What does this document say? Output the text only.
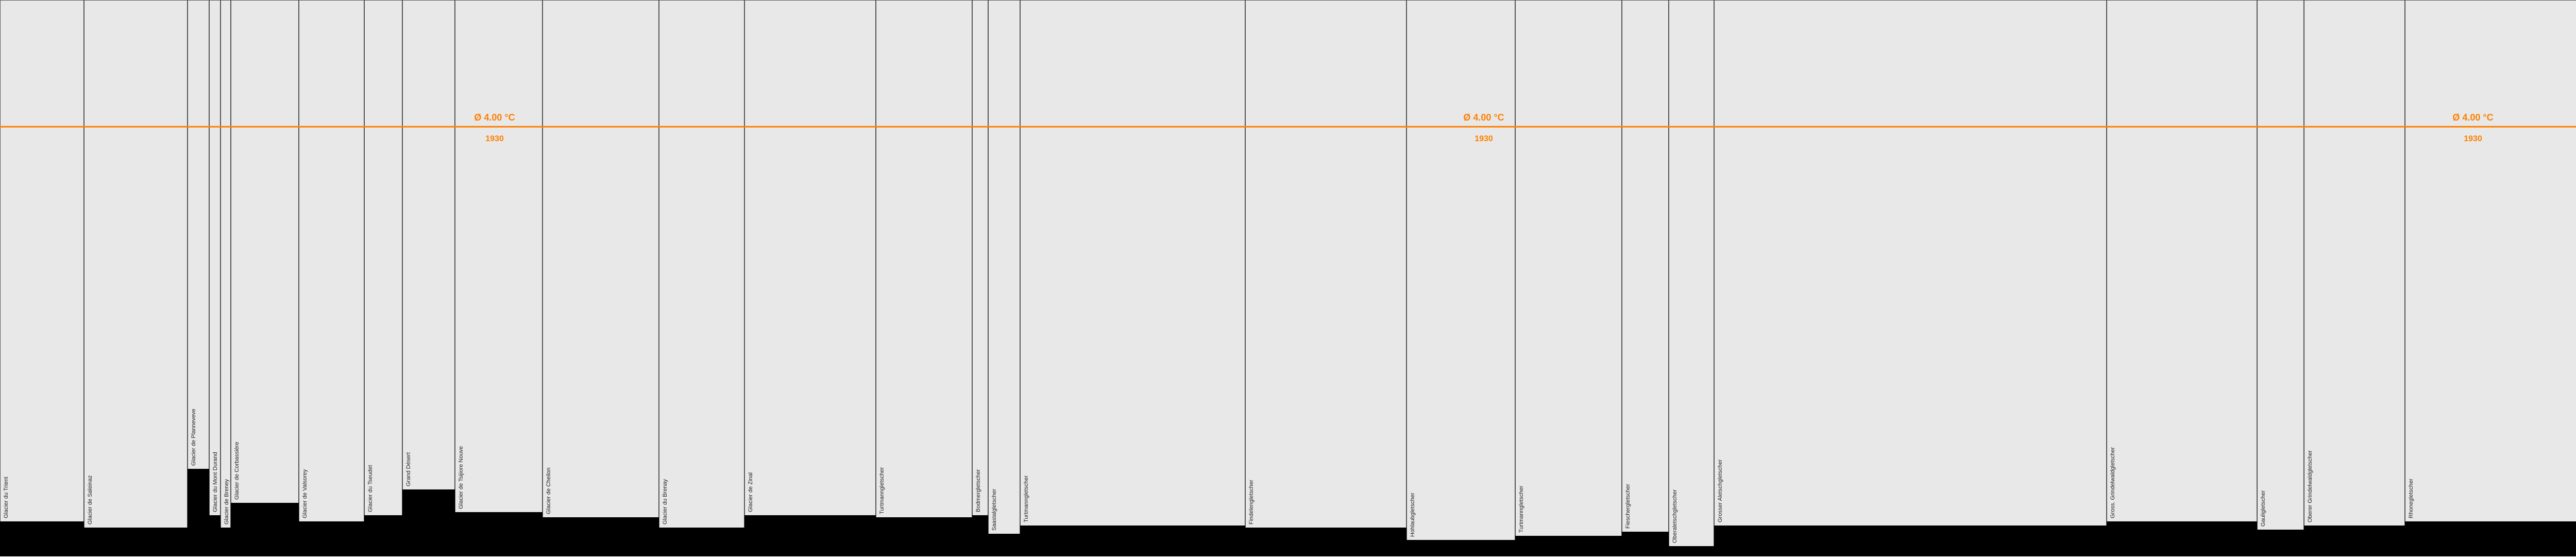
Glacier du Trient	Glacier de Saleinaz
Glacier de Planneveve
Glacier du Mont Durand Glacier de Breney
Glacier de Corbassière	Glacier de Valsorey	Glacier du Tseudet	Grand Désert	Glacier de Tsijiore Nouve	Glacier de Cheilon	Glacier du Brenay	Glacier de Zinal	Turtmanngletscher	Bodmergletscher Saastalgletscher	Turtmanngletscher	Findelengletscher	Hohlaubgletscher	Turtmanngletscher	Fieschergletscher	Oberaletschgletscher	Grosser Aletschgletscher	Gross. Grindelwaldgletscher	Gauligletscher	Oberer Grindelwaldgletscher	Rhonegletscher
Ø 4.00 °C
1930
Ø 4.00 °C
1930
Ø 4.00 °C
1930
